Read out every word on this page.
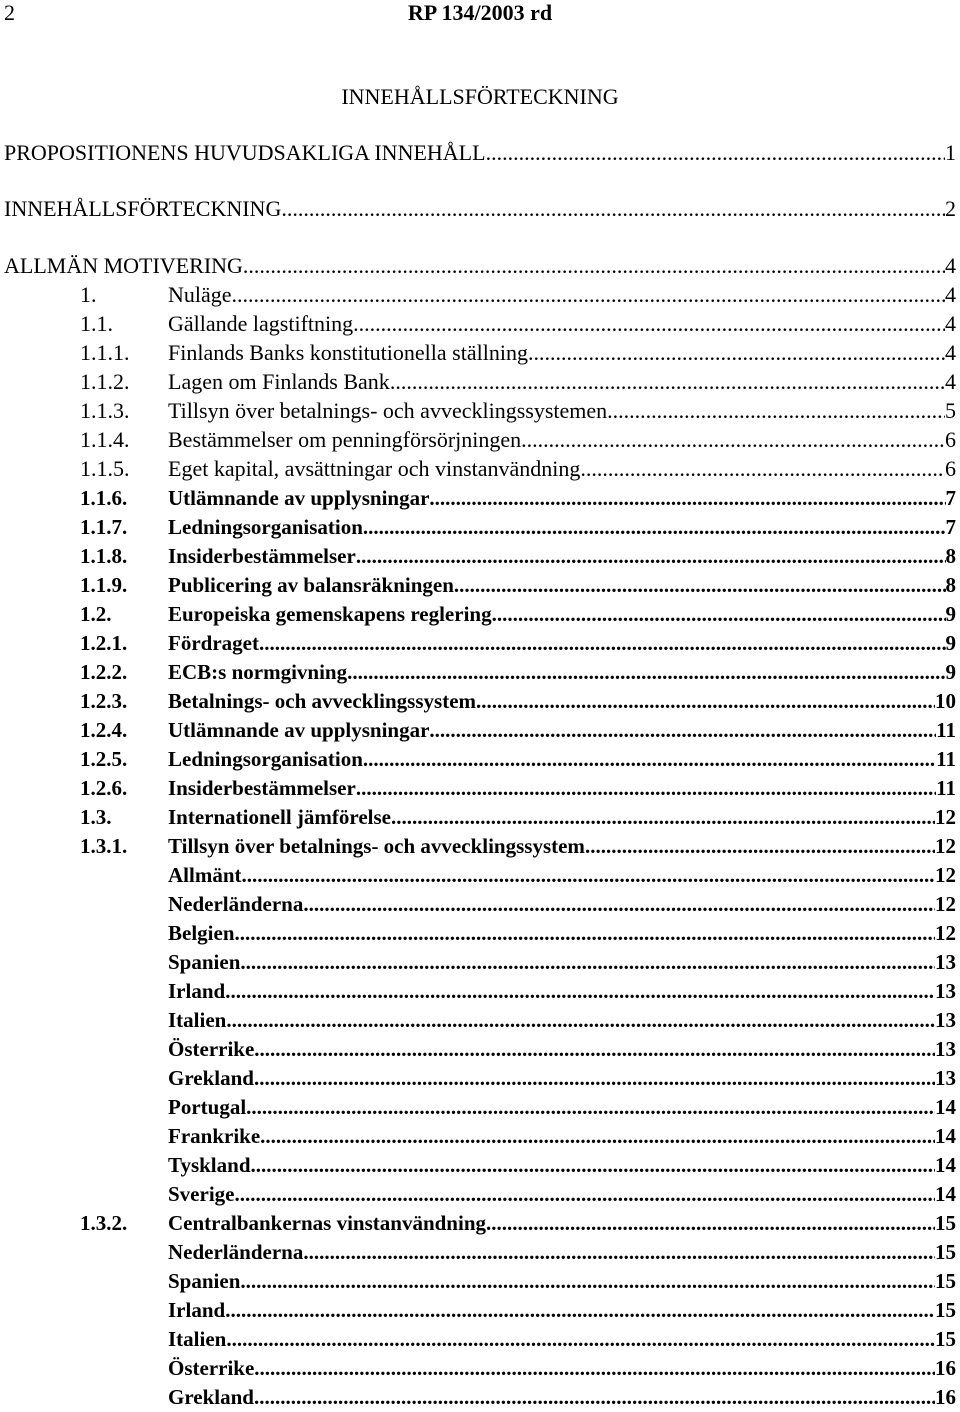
2	RP 134/2003 rd
INNEHÅLLSFÖRTECKNING
PROPOSITIONENS HUVUDSAKLIGA INNEHÅLL .....	1
INNEHÅLLSFÖRTECKNING .....	2
ALLMÄN MOTIVERING .....	4
1.	Nuläge .....	4
1.1.	Gällande lagstiftning .....	4
1.1.1.	Finlands Banks konstitutionella ställning .....	4
1.1.2.	Lagen om Finlands Bank .....	4
1.1.3.	Tillsyn över betalnings- och avvecklingssystemen .....	5
1.1.4.	Bestämmelser om penningförsörjningen .....	6
1.1.5.	Eget kapital, avsättningar och vinstanvändning .....	6
1.1.6.	Utlämnande av upplysningar .....	7
1.1.7.	Ledningsorganisation .....	7
1.1.8.	Insiderbestämmelser .....	8
1.1.9.	Publicering av balansräkningen .....	8
1.2.	Europeiska gemenskapens reglering .....	9
1.2.1.	Fördraget .....	9
1.2.2.	ECB:s normgivning .....	9
1.2.3.	Betalnings- och avvecklingssystem .....	10
1.2.4.	Utlämnande av upplysningar .....	11
1.2.5.	Ledningsorganisation .....	11
1.2.6.	Insiderbestämmelser .....	11
1.3.	Internationell jämförelse .....	12
1.3.1.	Tillsyn över betalnings- och avvecklingssystem .....	12
Allmänt .....	12
Nederländerna .....	12
Belgien .....	12
Spanien .....	13
Irland .....	13
Italien .....	13
Österrike .....	13
Grekland .....	13
Portugal .....	14
Frankrike .....	14
Tyskland .....	14
Sverige .....	14
1.3.2.	Centralbankernas vinstanvändning .....	15
Nederländerna .....	15
Spanien .....	15
Irland .....	15
Italien .....	15
Österrike .....	16
Grekland .....	16
